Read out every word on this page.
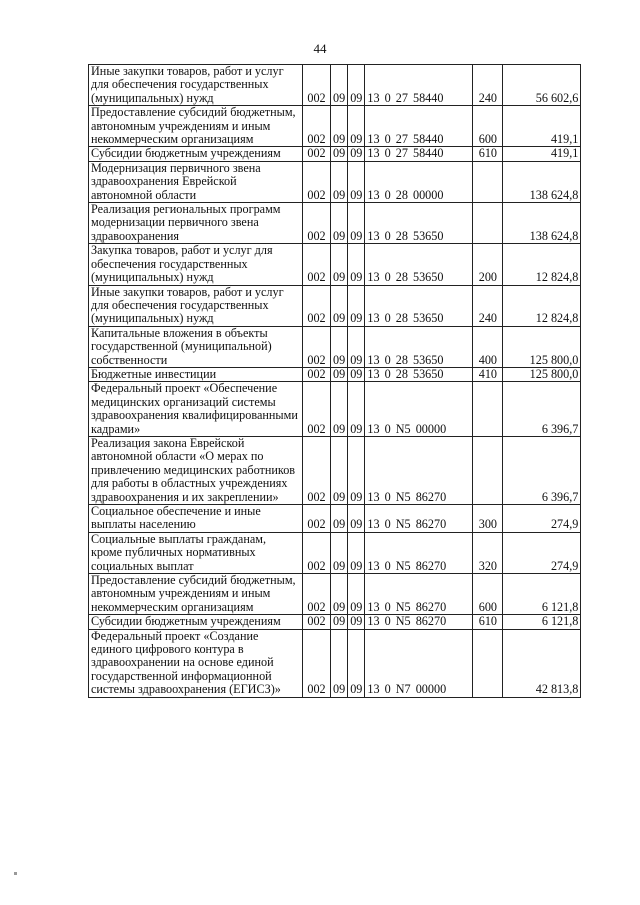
44
Иные закупки товаров, работ и услуг для обеспечения государственных (муниципальных) нужд	002	09	09	13 0 27 58440	240	56 602,6
Предоставление субсидий бюджетным, автономным учреждениям и иным некоммерческим организациям	002	09	09	13 0 27 58440	600	419,1
Субсидии бюджетным учреждениям	002	09	09	13 0 27 58440	610	419,1
Модернизация первичного звена здравоохранения Еврейской автономной области	002	09	09	13 0 28 00000		138 624,8
Реализация региональных программ модернизации первичного звена здравоохранения	002	09	09	13 0 28 53650		138 624,8
Закупка товаров, работ и услуг для обеспечения государственных (муниципальных) нужд	002	09	09	13 0 28 53650	200	12 824,8
Иные закупки товаров, работ и услуг для обеспечения государственных (муниципальных) нужд	002	09	09	13 0 28 53650	240	12 824,8
Капитальные вложения в объекты государственной (муниципальной) собственности	002	09	09	13 0 28 53650	400	125 800,0
Бюджетные инвестиции	002	09	09	13 0 28 53650	410	125 800,0
Федеральный проект «Обеспечение медицинских организаций системы здравоохранения квалифицированными кадрами»	002	09	09	13 0 N5 00000		6 396,7
Реализация закона Еврейской автономной области «О мерах по привлечению медицинских работников для работы в областных учреждениях здравоохранения и их закреплении»	002	09	09	13 0 N5 86270		6 396,7
Социальное обеспечение и иные выплаты населению	002	09	09	13 0 N5 86270	300	274,9
Социальные выплаты гражданам, кроме публичных нормативных социальных выплат	002	09	09	13 0 N5 86270	320	274,9
Предоставление субсидий бюджетным, автономным учреждениям и иным некоммерческим организациям	002	09	09	13 0 N5 86270	600	6 121,8
Субсидии бюджетным учреждениям	002	09	09	13 0 N5 86270	610	6 121,8
Федеральный проект «Создание единого цифрового контура в здравоохранении на основе единой государственной информационной системы здравоохранения (ЕГИСЗ)»	002	09	09	13 0 N7 00000		42 813,8
